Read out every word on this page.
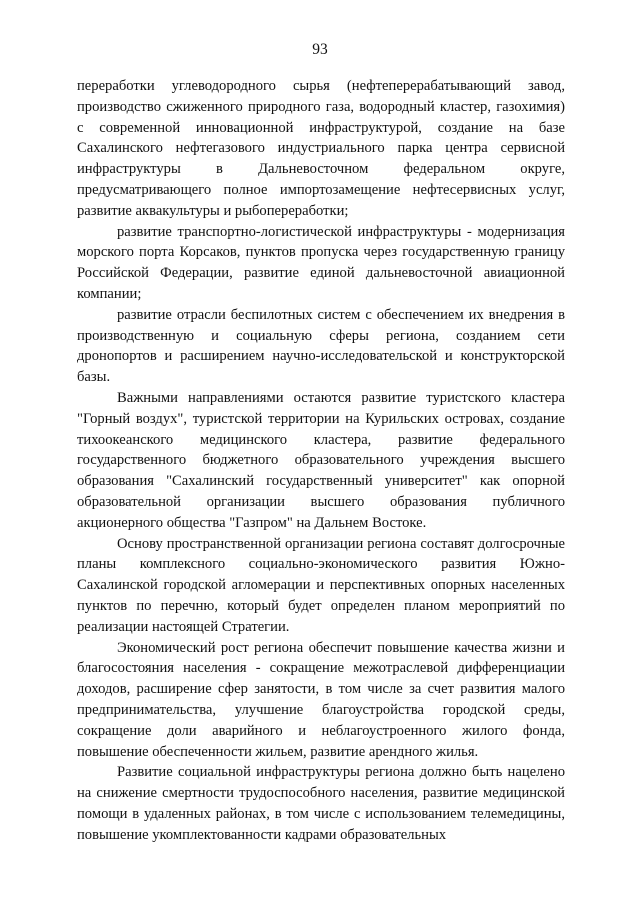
93

переработки углеводородного сырья (нефтеперерабатывающий завод, производство сжиженного природного газа, водородный кластер, газохимия) с современной инновационной инфраструктурой, создание на базе Сахалинского нефтегазового индустриального парка центра сервисной инфраструктуры в Дальневосточном федеральном округе, предусматривающего полное импортозамещение нефтесервисных услуг, развитие аквакультуры и рыбопереработки;

развитие транспортно-логистической инфраструктуры - модернизация морского порта Корсаков, пунктов пропуска через государственную границу Российской Федерации, развитие единой дальневосточной авиационной компании;

развитие отрасли беспилотных систем с обеспечением их внедрения в производственную и социальную сферы региона, созданием сети дронопортов и расширением научно-исследовательской и конструкторской базы.

Важными направлениями остаются развитие туристского кластера "Горный воздух", туристской территории на Курильских островах, создание тихоокеанского медицинского кластера, развитие федерального государственного бюджетного образовательного учреждения высшего образования "Сахалинский государственный университет" как опорной образовательной организации высшего образования публичного акционерного общества "Газпром" на Дальнем Востоке.

Основу пространственной организации региона составят долгосрочные планы комплексного социально-экономического развития Южно-Сахалинской городской агломерации и перспективных опорных населенных пунктов по перечню, который будет определен планом мероприятий по реализации настоящей Стратегии.

Экономический рост региона обеспечит повышение качества жизни и благосостояния населения - сокращение межотраслевой дифференциации доходов, расширение сфер занятости, в том числе за счет развития малого предпринимательства, улучшение благоустройства городской среды, сокращение доли аварийного и неблагоустроенного жилого фонда, повышение обеспеченности жильем, развитие арендного жилья.

Развитие социальной инфраструктуры региона должно быть нацелено на снижение смертности трудоспособного населения, развитие медицинской помощи в удаленных районах, в том числе с использованием телемедицины, повышение укомплектованности кадрами образовательных
